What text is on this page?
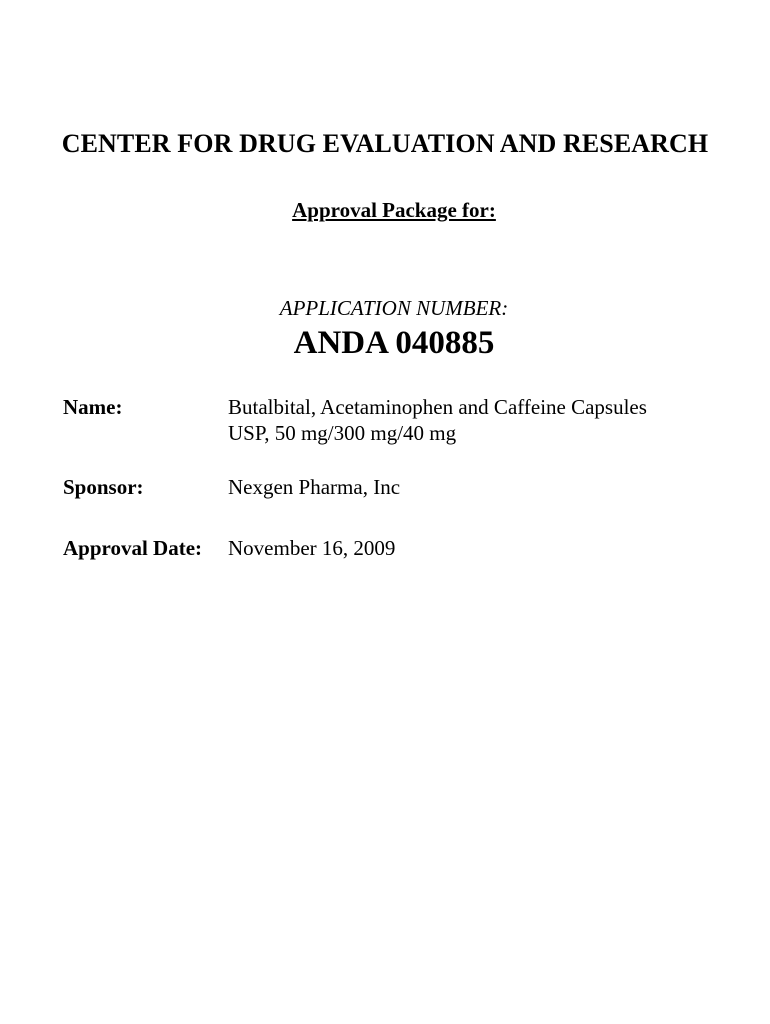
CENTER FOR DRUG EVALUATION AND RESEARCH
Approval Package for:
APPLICATION NUMBER:
ANDA 040885
Name:	Butalbital, Acetaminophen and Caffeine Capsules
USP, 50 mg/300 mg/40 mg
Sponsor:	Nexgen Pharma, Inc
Approval Date: November 16, 2009
